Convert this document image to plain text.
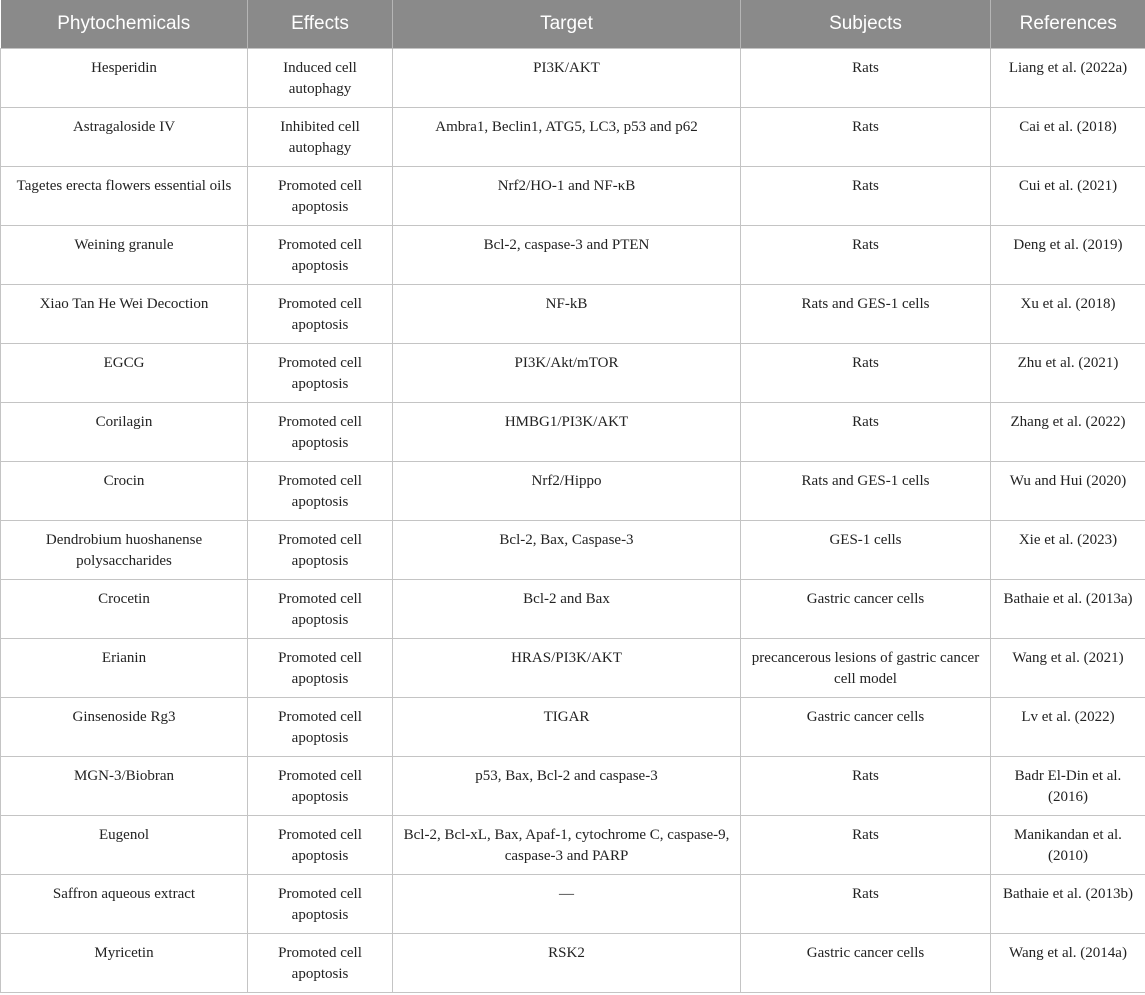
Phytochemicals	Effects	Target	Subjects	References
Hesperidin	Induced cell autophagy	PI3K/AKT	Rats	Liang et al. (2022a)
Astragaloside IV	Inhibited cell autophagy	Ambra1, Beclin1, ATG5, LC3, p53 and p62	Rats	Cai et al. (2018)
Tagetes erecta flowers essential oils	Promoted cell apoptosis	Nrf2/HO-1 and NF-κB	Rats	Cui et al. (2021)
Weining granule	Promoted cell apoptosis	Bcl-2, caspase-3 and PTEN	Rats	Deng et al. (2019)
Xiao Tan He Wei Decoction	Promoted cell apoptosis	NF-kB	Rats and GES-1 cells	Xu et al. (2018)
EGCG	Promoted cell apoptosis	PI3K/Akt/mTOR	Rats	Zhu et al. (2021)
Corilagin	Promoted cell apoptosis	HMBG1/PI3K/AKT	Rats	Zhang et al. (2022)
Crocin	Promoted cell apoptosis	Nrf2/Hippo	Rats and GES-1 cells	Wu and Hui (2020)
Dendrobium huoshanense polysaccharides	Promoted cell apoptosis	Bcl-2, Bax, Caspase-3	GES-1 cells	Xie et al. (2023)
Crocetin	Promoted cell apoptosis	Bcl-2 and Bax	Gastric cancer cells	Bathaie et al. (2013a)
Erianin	Promoted cell apoptosis	HRAS/PI3K/AKT	precancerous lesions of gastric cancer cell model	Wang et al. (2021)
Ginsenoside Rg3	Promoted cell apoptosis	TIGAR	Gastric cancer cells	Lv et al. (2022)
MGN-3/Biobran	Promoted cell apoptosis	p53, Bax, Bcl-2 and caspase-3	Rats	Badr El-Din et al. (2016)
Eugenol	Promoted cell apoptosis	Bcl-2, Bcl-xL, Bax, Apaf-1, cytochrome C, caspase-9, caspase-3 and PARP	Rats	Manikandan et al. (2010)
Saffron aqueous extract	Promoted cell apoptosis	—	Rats	Bathaie et al. (2013b)
Myricetin	Promoted cell apoptosis	RSK2	Gastric cancer cells	Wang et al. (2014a)
